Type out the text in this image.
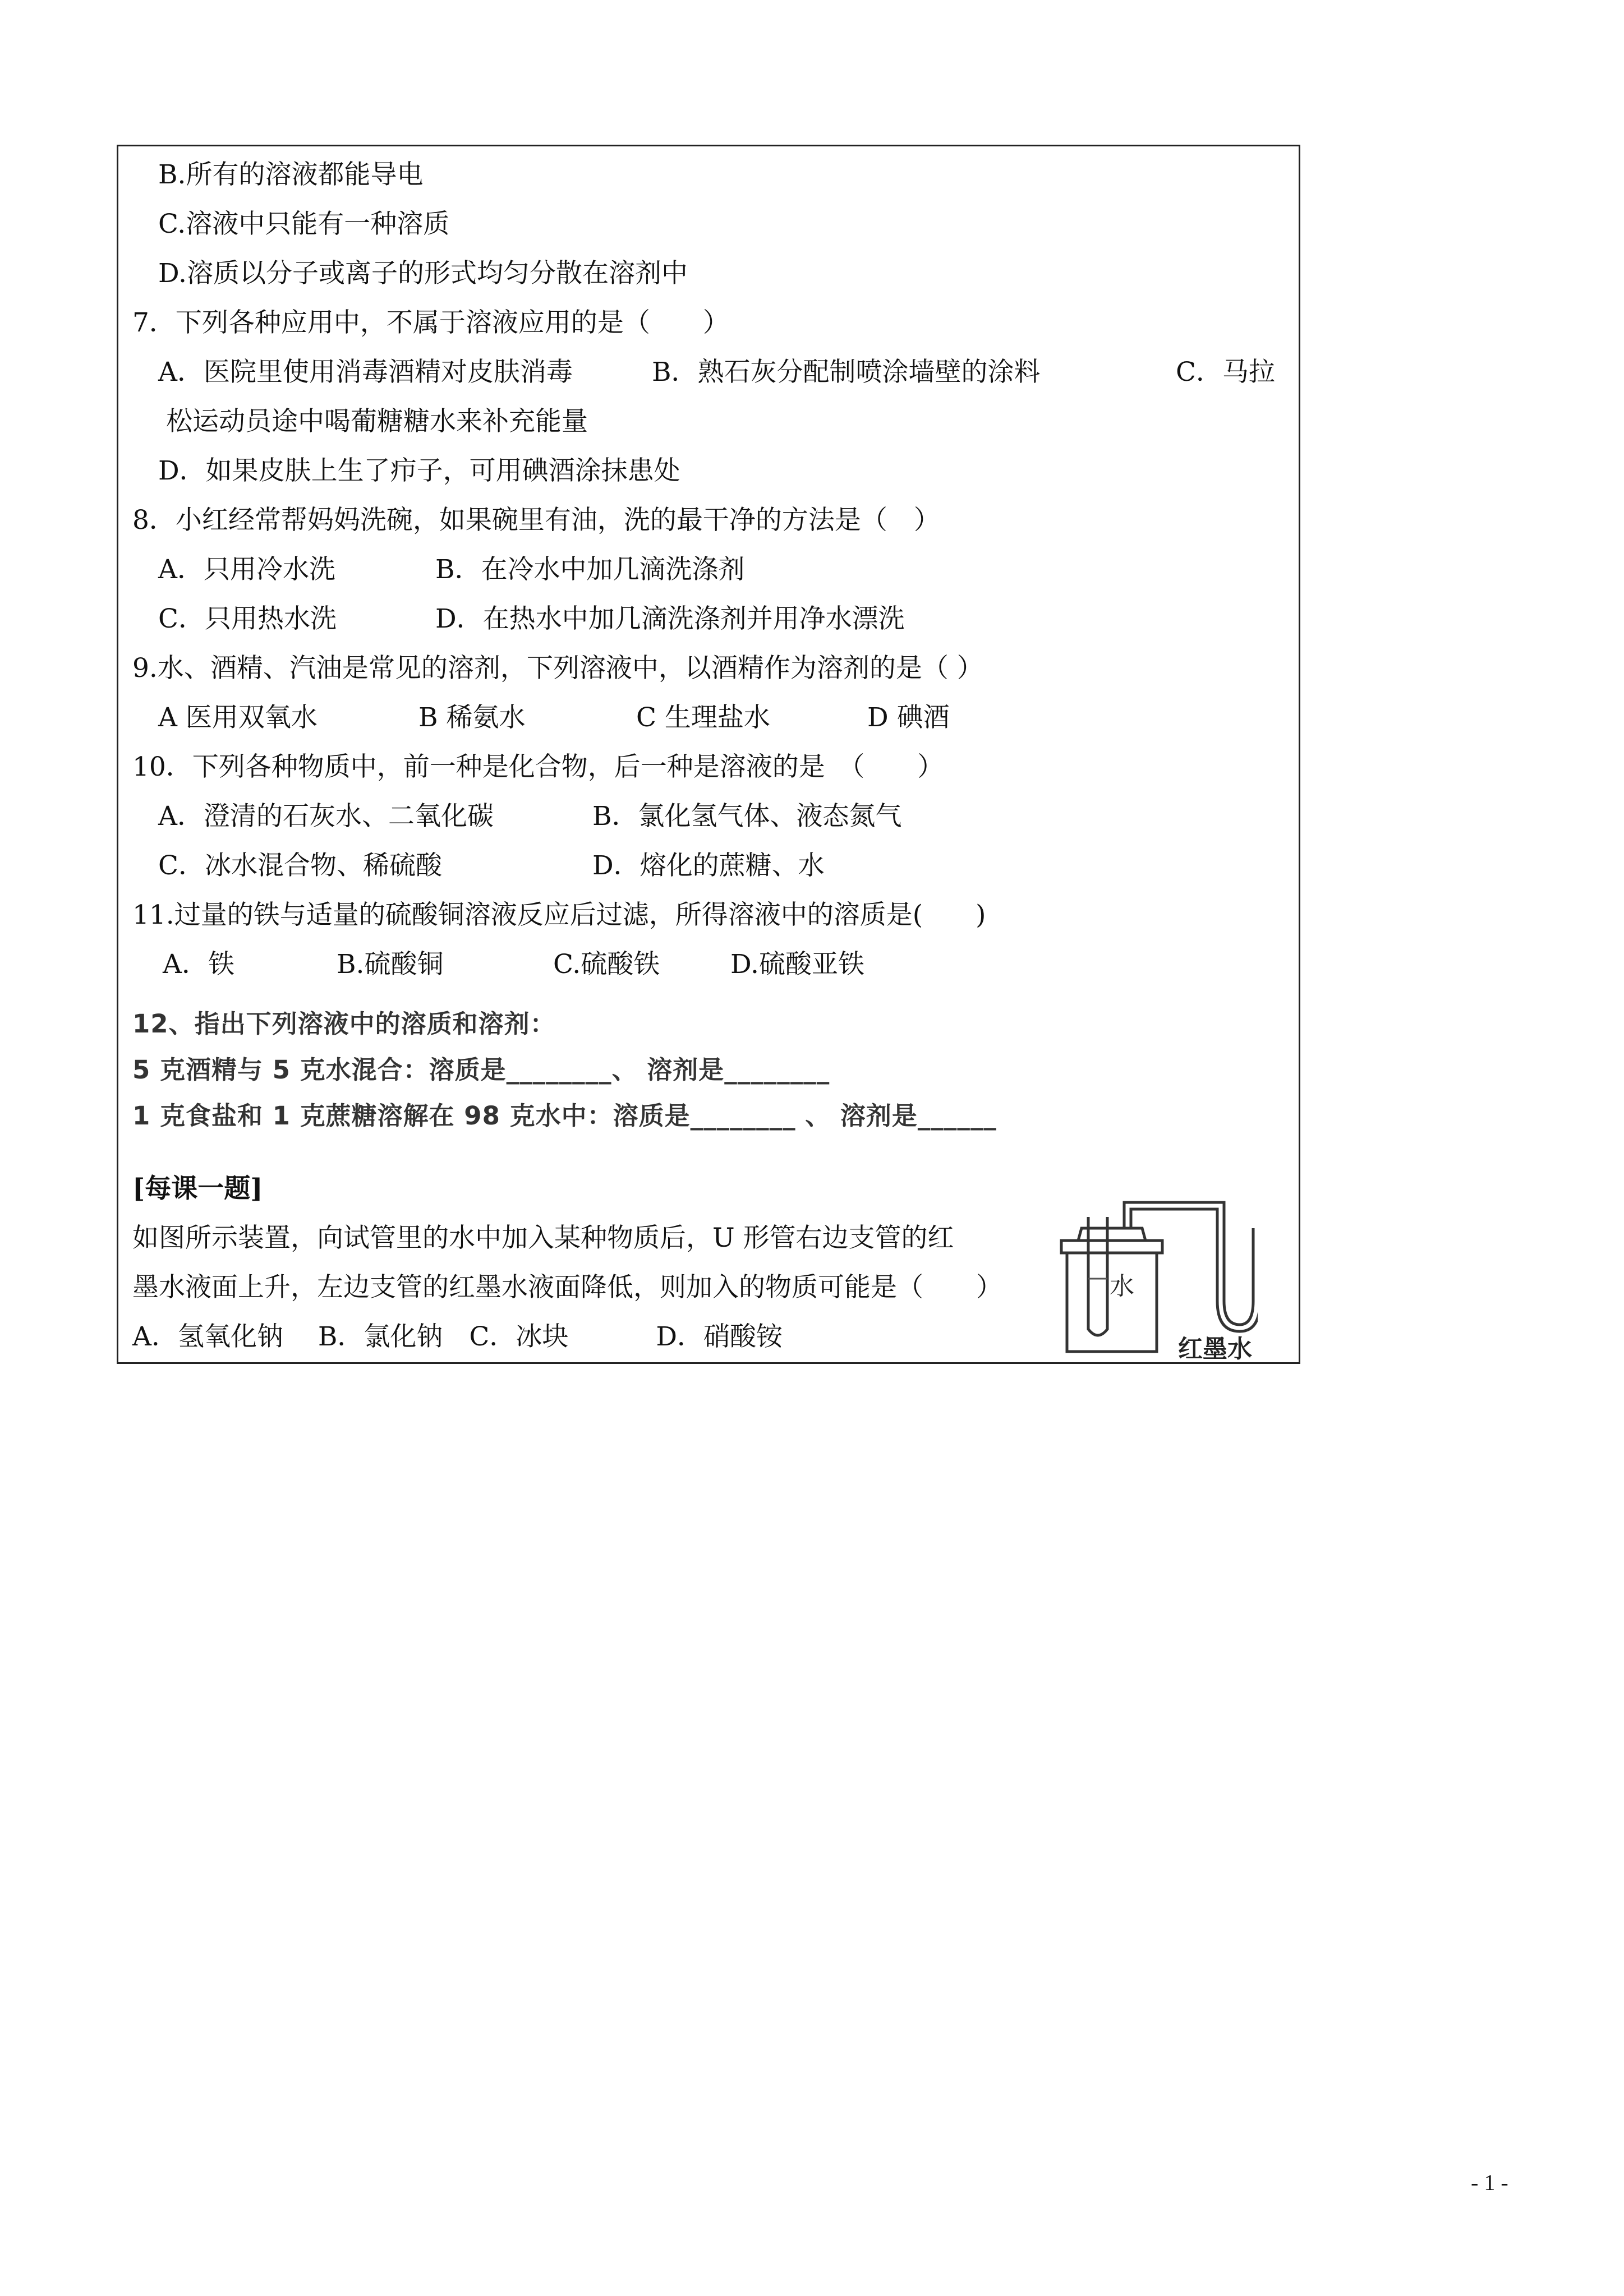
B.所有的溶液都能导电
C.溶液中只能有一种溶质
D.溶质以分子或离子的形式均匀分散在溶剂中
7．下列各种应用中，不属于溶液应用的是（　　）
A．医院里使用消毒酒精对皮肤消毒	B．熟石灰分配制喷涂墙壁的涂料	C．马拉
松运动员途中喝葡糖糖水来补充能量
D．如果皮肤上生了疖子，可用碘酒涂抹患处
8．小红经常帮妈妈洗碗，如果碗里有油，洗的最干净的方法是（　）
A．只用冷水洗	B．在冷水中加几滴洗涤剂
C．只用热水洗	D．在热水中加几滴洗涤剂并用净水漂洗
9.水、酒精、汽油是常见的溶剂，下列溶液中，以酒精作为溶剂的是（ ）
A 医用双氧水	B 稀氨水	C 生理盐水	D 碘酒
10．下列各种物质中，前一种是化合物，后一种是溶液的是　（　　）
A．澄清的石灰水、二氧化碳	B．氯化氢气体、液态氮气
C．冰水混合物、稀硫酸	D．熔化的蔗糖、水
11.过量的铁与适量的硫酸铜溶液反应后过滤，所得溶液中的溶质是(　　)
A．铁	B.硫酸铜	C.硫酸铁	D.硫酸亚铁
12、指出下列溶液中的溶质和溶剂：
5 克酒精与 5 克水混合：溶质是________、 溶剂是________
1 克食盐和 1 克蔗糖溶解在 98 克水中：溶质是________ 、 溶剂是______
[每课一题]
如图所示装置，向试管里的水中加入某种物质后，U 形管右边支管的红
墨水液面上升，左边支管的红墨水液面降低，则加入的物质可能是（　　）
A．氢氧化钠　 B．氯化钠　C．冰块　　　 D．硝酸铵
水
红墨水
- 1 -
